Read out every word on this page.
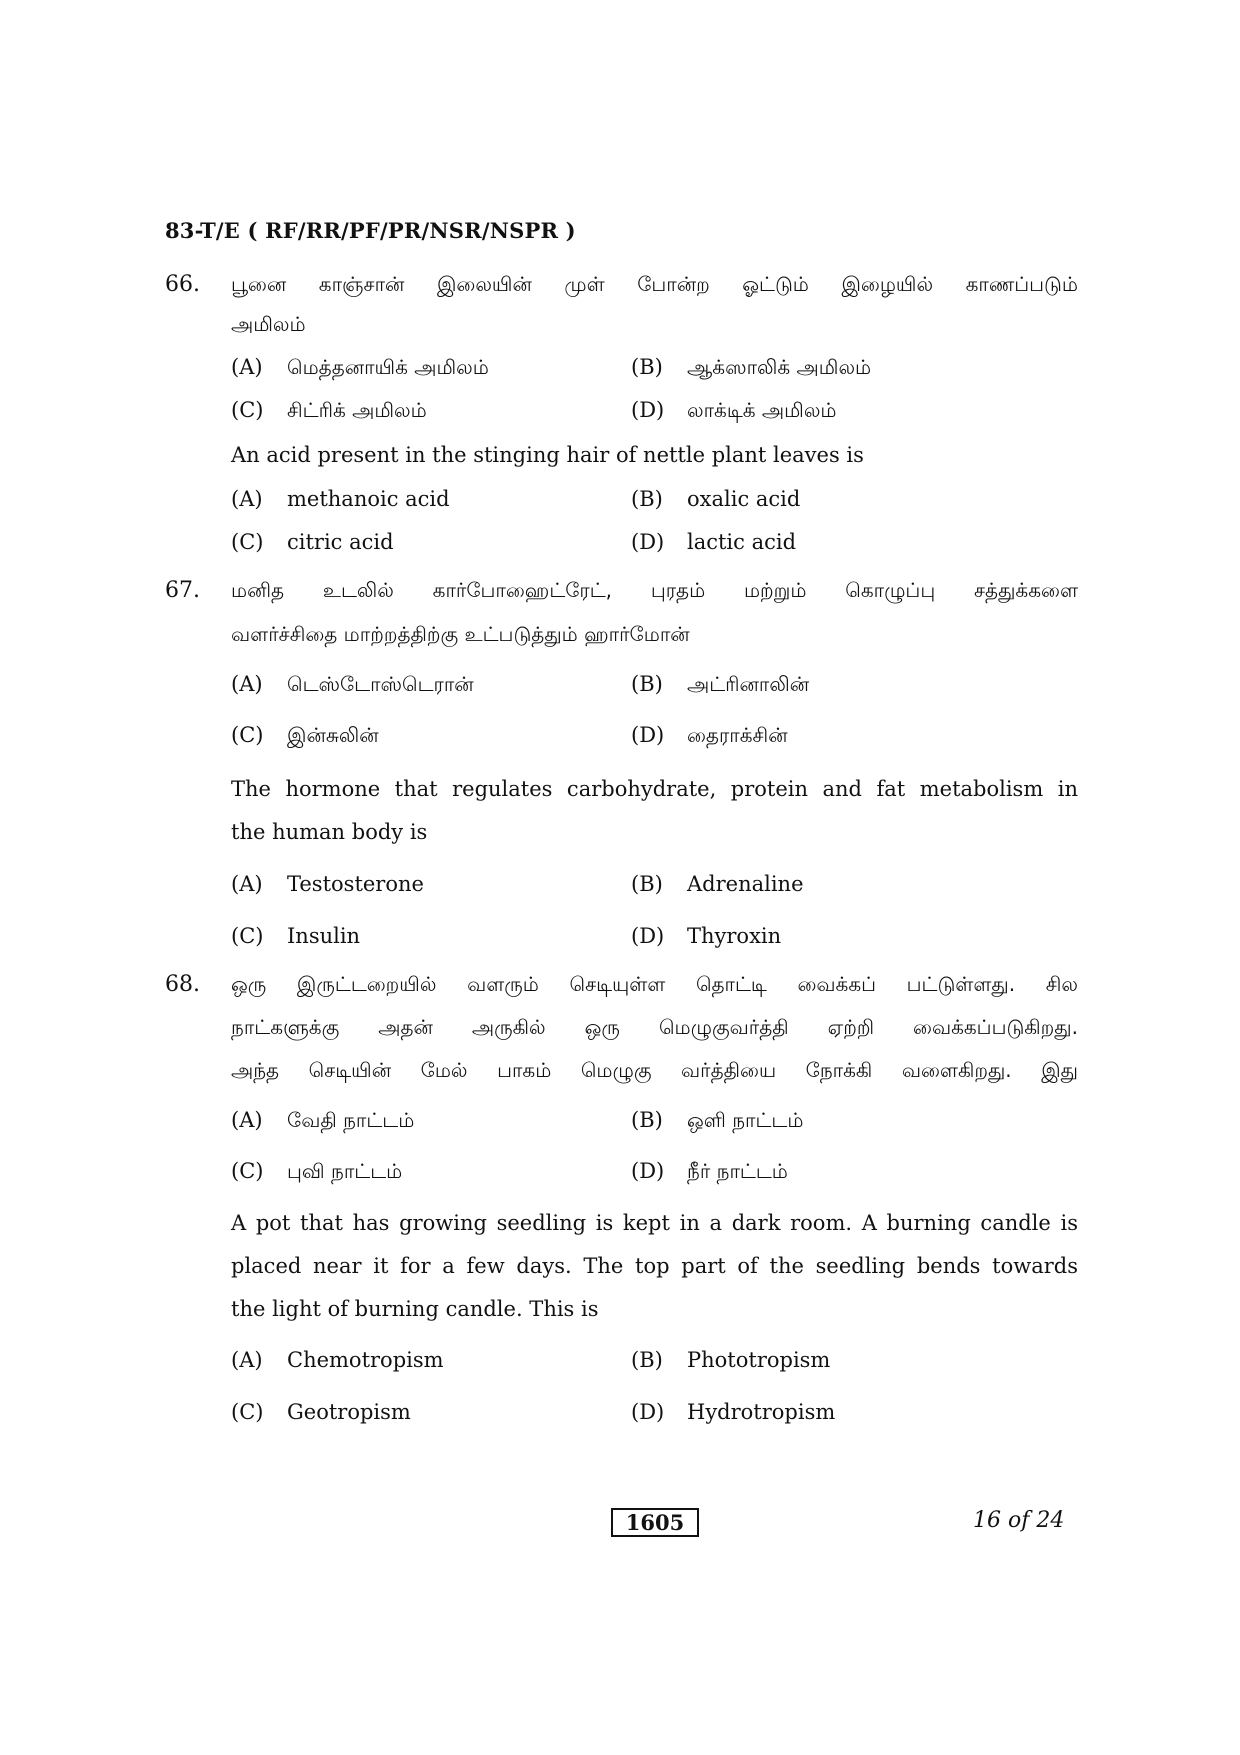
83-T/E ( RF/RR/PF/PR/NSR/NSPR )
66. பூனை காஞ்சான் இலையின் முள் போன்ற ஓட்டும் இழையில் காணப்படும்
அமிலம்
(A) மெத்தனாயிக் அமிலம்	(B) ஆக்ஸாலிக் அமிலம்
(C) சிட்ரிக் அமிலம்	(D) லாக்டிக் அமிலம்
An acid present in the stinging hair of nettle plant leaves is
(A) methanoic acid	(B) oxalic acid
(C) citric acid	(D) lactic acid
67. மனித உடலில் கார்போஹைட்ரேட், புரதம் மற்றும் கொழுப்பு சத்துக்களை
வளர்ச்சிதை மாற்றத்திற்கு உட்படுத்தும் ஹார்மோன்
(A) டெஸ்டோஸ்டெரான்	(B) அட்ரினாலின்
(C) இன்சுலின்	(D) தைராக்சின்
The hormone that regulates carbohydrate, protein and fat metabolism in
the human body is
(A) Testosterone	(B) Adrenaline
(C) Insulin	(D) Thyroxin
68. ஒரு இருட்டறையில் வளரும் செடியுள்ள தொட்டி வைக்கப் பட்டுள்ளது. சில
நாட்களுக்கு அதன் அருகில் ஒரு மெழுகுவர்த்தி ஏற்றி வைக்கப்படுகிறது.
அந்த செடியின் மேல் பாகம் மெழுகு வர்த்தியை நோக்கி வளைகிறது. இது
(A) வேதி நாட்டம்	(B) ஒளி நாட்டம்
(C) புவி நாட்டம்	(D) நீர் நாட்டம்
A pot that has growing seedling is kept in a dark room. A burning candle is
placed near it for a few days. The top part of the seedling bends towards
the light of burning candle. This is
(A) Chemotropism	(B) Phototropism
(C) Geotropism	(D) Hydrotropism
1605	16 of 24
